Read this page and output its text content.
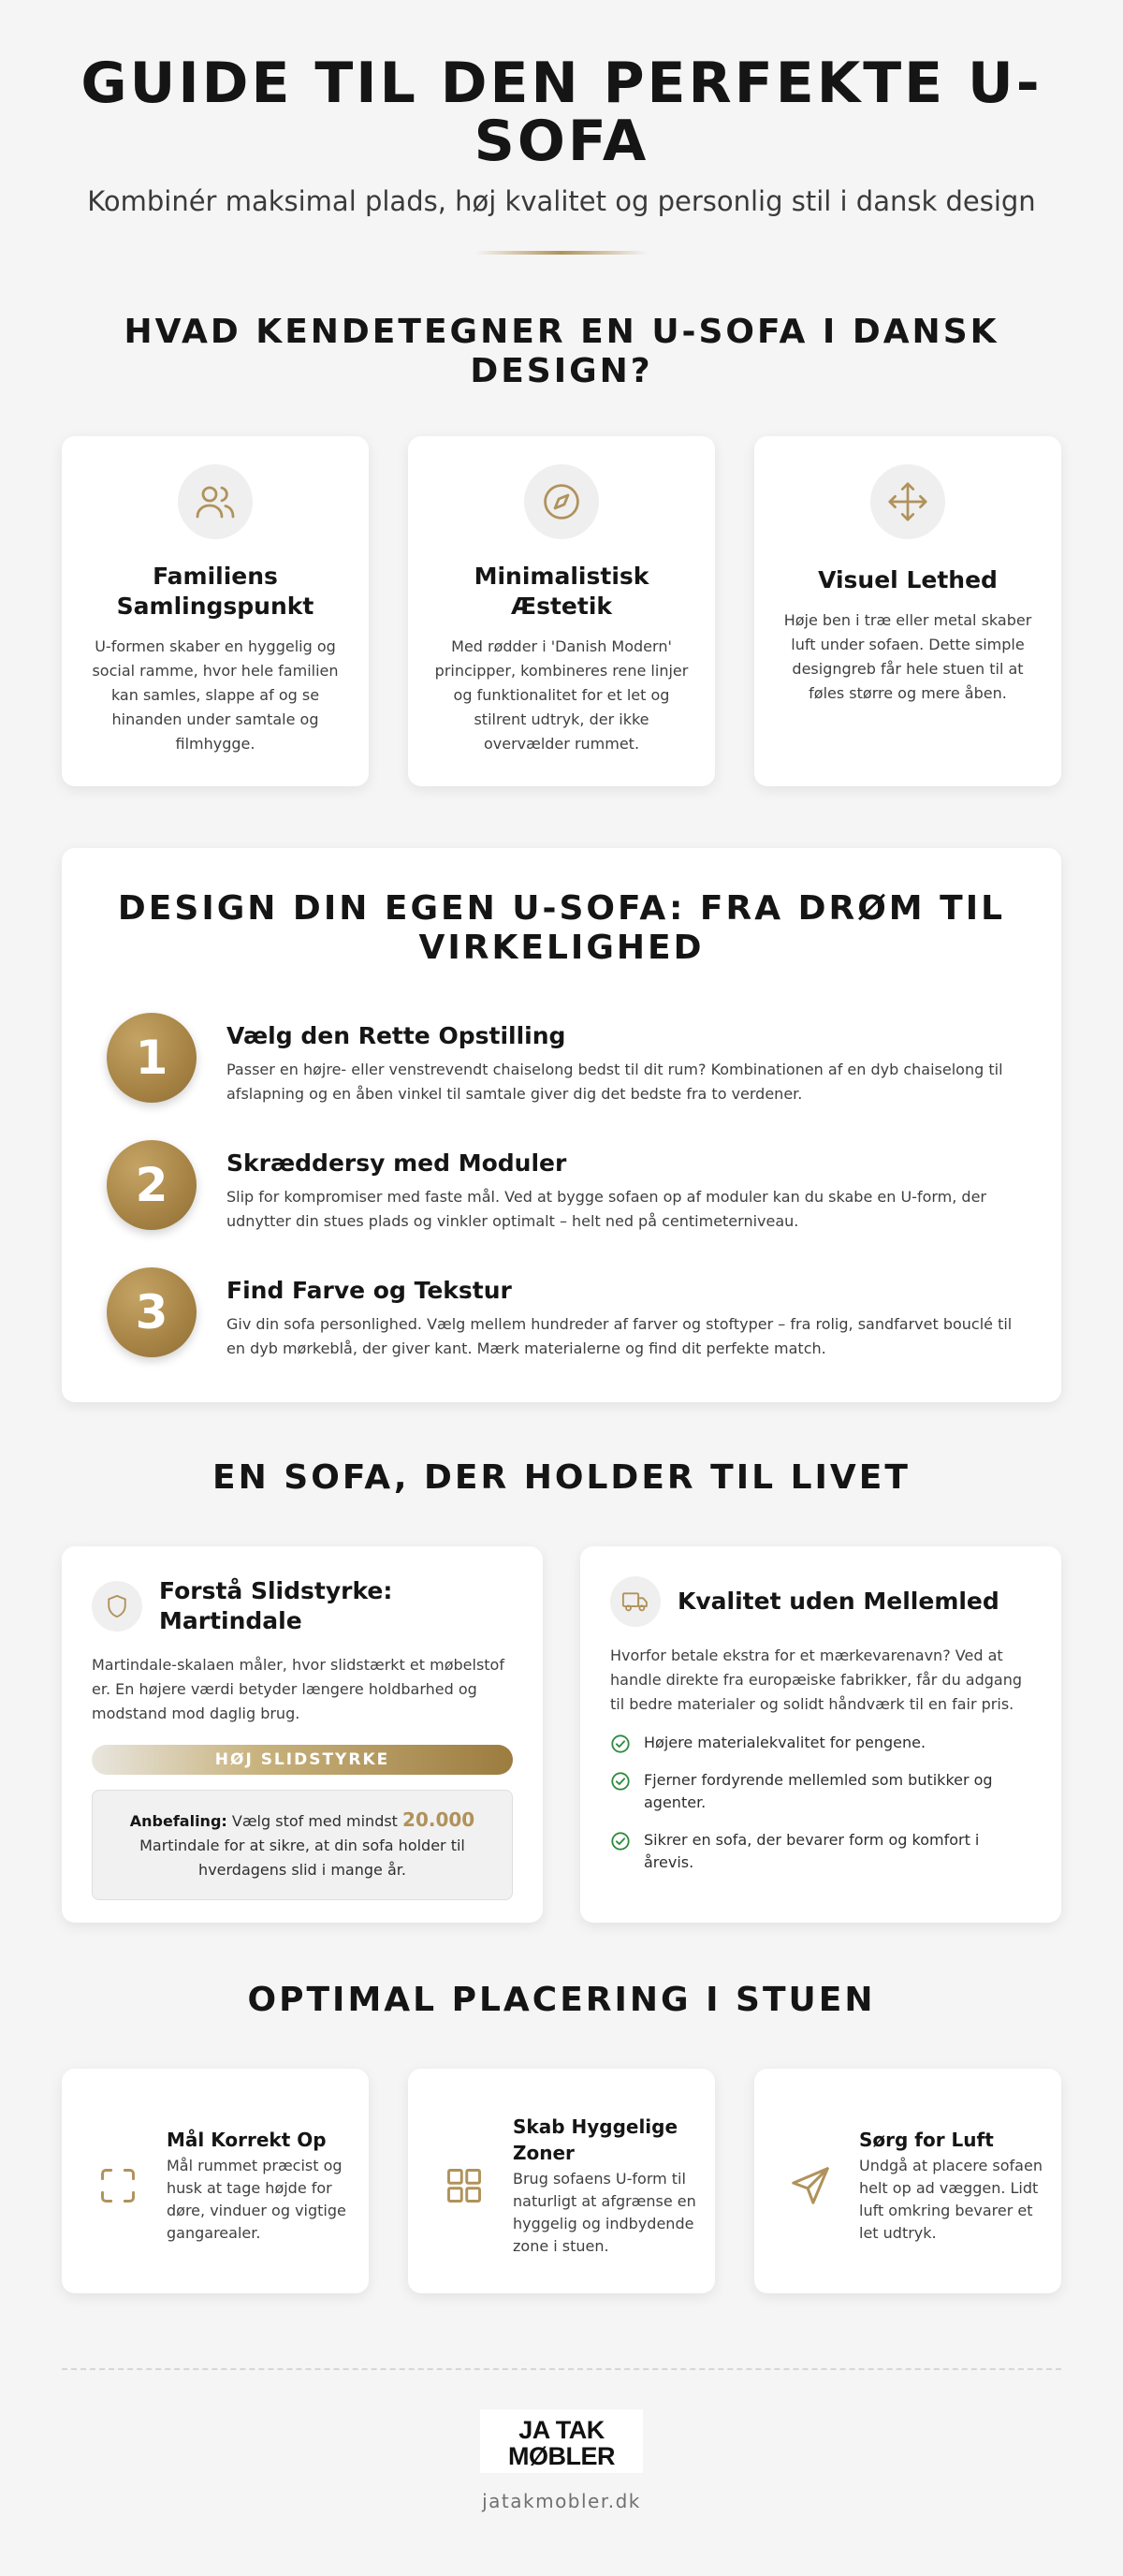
GUIDE TIL DEN PERFEKTE U-SOFA

Kombinér maksimal plads, høj kvalitet og personlig stil i dansk design

HVAD KENDETEGNER EN U-SOFA I DANSK DESIGN?
Familiens Samlingspunkt
U-formen skaber en hyggelig og social ramme, hvor hele familien kan samles, slappe af og se hinanden under samtale og filmhygge.
Minimalistisk Æstetik
Med rødder i 'Danish Modern' principper, kombineres rene linjer og funktionalitet for et let og stilrent udtryk, der ikke overvælder rummet.
Visuel Lethed
Høje ben i træ eller metal skaber luft under sofaen. Dette simple designgreb får hele stuen til at føles større og mere åben.
DESIGN DIN EGEN U-SOFA: FRA DRØM TIL VIRKELIGHED
1	Vælg den Rette Opstilling
Passer en højre- eller venstrevendt chaiselong bedst til dit rum? Kombinationen af en dyb chaiselong til afslapning og en åben vinkel til samtale giver dig det bedste fra to verdener.
2	Skræddersy med Moduler
Slip for kompromiser med faste mål. Ved at bygge sofaen op af moduler kan du skabe en U-form, der udnytter din stues plads og vinkler optimalt – helt ned på centimeterniveau.
3	Find Farve og Tekstur
Giv din sofa personlighed. Vælg mellem hundreder af farver og stoftyper – fra rolig, sandfarvet bouclé til en dyb mørkeblå, der giver kant. Mærk materialerne og find dit perfekte match.
EN SOFA, DER HOLDER TIL LIVET
Forstå Slidstyrke: Martindale
Martindale-skalaen måler, hvor slidstærkt et møbelstof er. En højere værdi betyder længere holdbarhed og modstand mod daglig brug.
HØJ SLIDSTYRKE
Anbefaling: Vælg stof med mindst 20.000 Martindale for at sikre, at din sofa holder til hverdagens slid i mange år.
Kvalitet uden Mellemled
Hvorfor betale ekstra for et mærkevarenavn? Ved at handle direkte fra europæiske fabrikker, får du adgang til bedre materialer og solidt håndværk til en fair pris.
Højere materialekvalitet for pengene.
Fjerner fordyrende mellemled som butikker og agenter.
Sikrer en sofa, der bevarer form og komfort i årevis.
OPTIMAL PLACERING I STUEN
Mål Korrekt Op
Mål rummet præcist og husk at tage højde for døre, vinduer og vigtige gangarealer.
Skab Hyggelige Zoner
Brug sofaens U-form til naturligt at afgrænse en hyggelig og indbydende zone i stuen.
Sørg for Luft
Undgå at placere sofaen helt op ad væggen. Lidt luft omkring bevarer et let udtryk.
JA TAK
MØBLER
jatakmobler.dk
